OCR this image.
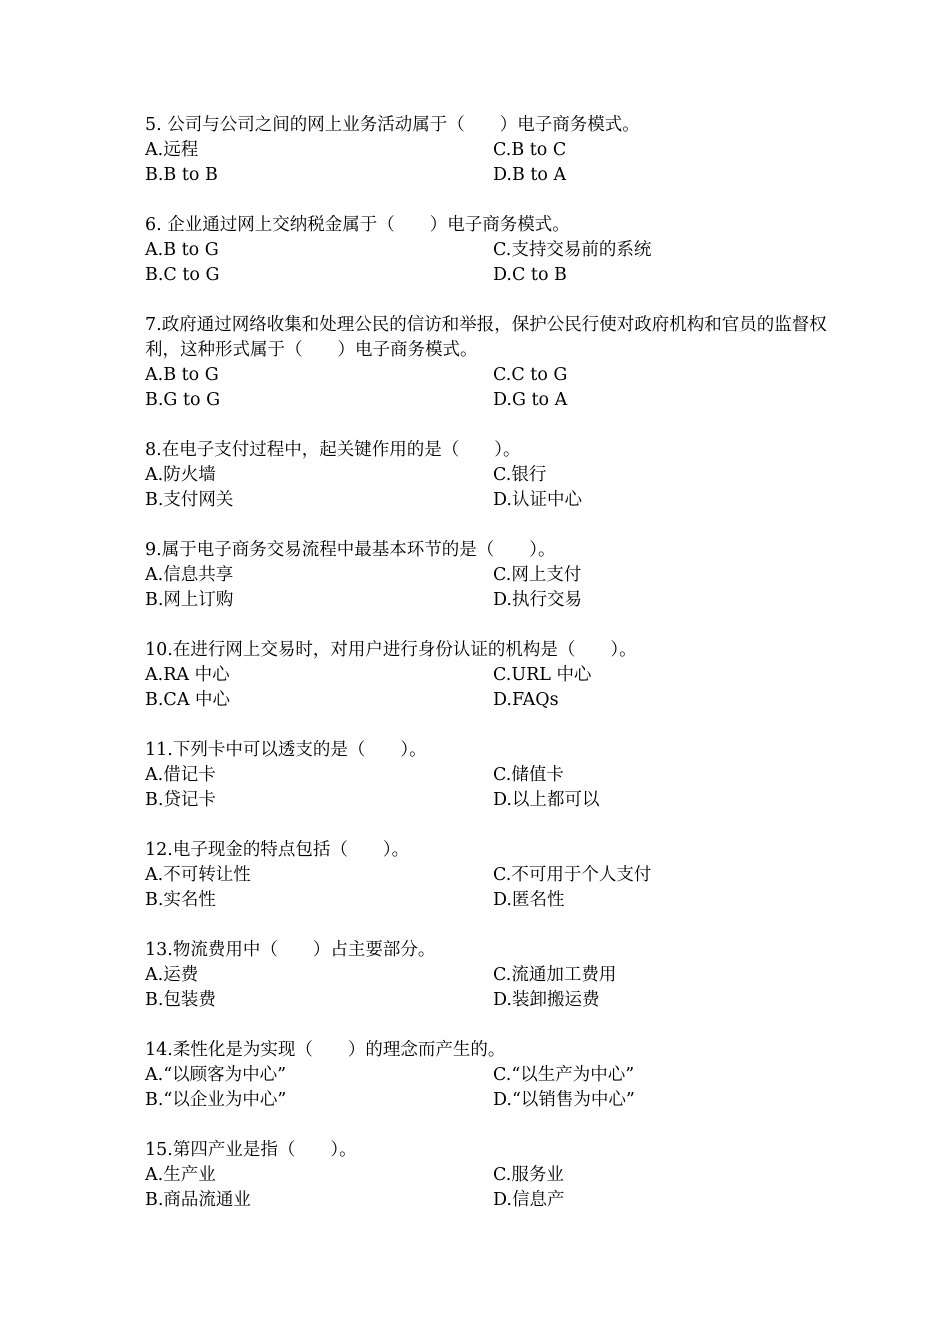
5. 公司与公司之间的网上业务活动属于（　　）电子商务模式。

A.远程	C.B to C
B.B to B	D.B to A

6. 企业通过网上交纳税金属于（　　）电子商务模式。

A.B to G	C.支持交易前的系统
B.C to G	D.C to B

7.政府通过网络收集和处理公民的信访和举报，保护公民行使对政府机构和官员的监督权利，这种形式属于（　　）电子商务模式。

A.B to G	C.C to G
B.G to G	D.G to A

8.在电子支付过程中，起关键作用的是（　　）。

A.防火墙	C.银行
B.支付网关	D.认证中心

9.属于电子商务交易流程中最基本环节的是（　　）。

A.信息共享	C.网上支付
B.网上订购	D.执行交易

10.在进行网上交易时，对用户进行身份认证的机构是（　　）。

A.RA 中心	C.URL 中心
B.CA 中心	D.FAQs

11.下列卡中可以透支的是（　　）。

A.借记卡	C.储值卡
B.贷记卡	D.以上都可以

12.电子现金的特点包括（　　）。

A.不可转让性	C.不可用于个人支付
B.实名性	D.匿名性

13.物流费用中（　　）占主要部分。

A.运费	C.流通加工费用
B.包装费	D.装卸搬运费

14.柔性化是为实现（　　）的理念而产生的。

A.“以顾客为中心”	C.“以生产为中心”
B.“以企业为中心”	D.“以销售为中心”

15.第四产业是指（　　）。

A.生产业	C.服务业
B.商品流通业	D.信息产
